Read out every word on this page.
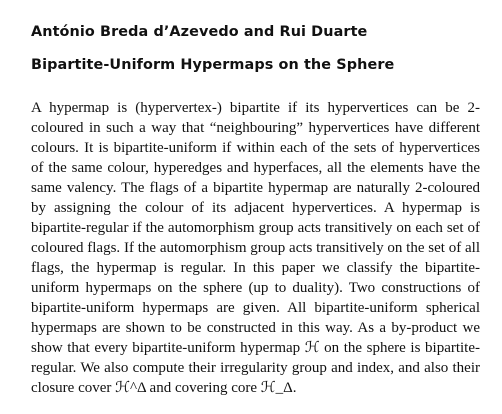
António Breda d’Azevedo and Rui Duarte

Bipartite-Uniform Hypermaps on the Sphere

A hypermap is (hypervertex-) bipartite if its hypervertices can be 2-coloured in such a way that “neighbouring” hypervertices have different colours. It is bipartite-uniform if within each of the sets of hypervertices of the same colour, hyperedges and hyperfaces, all the elements have the same valency. The flags of a bipartite hypermap are naturally 2-coloured by assigning the colour of its adjacent hypervertices. A hypermap is bipartite-regular if the automorphism group acts transitively on each set of coloured flags. If the automorphism group acts transitively on the set of all flags, the hypermap is regular. In this paper we classify the bipartite-uniform hypermaps on the sphere (up to duality). Two constructions of bipartite-uniform hypermaps are given. All bipartite-uniform spherical hypermaps are shown to be constructed in this way. As a by-product we show that every bipartite-uniform hypermap ℋ on the sphere is bipartite-regular. We also compute their irregularity group and index, and also their closure cover ℋ^Δ and covering core ℋ_Δ.
